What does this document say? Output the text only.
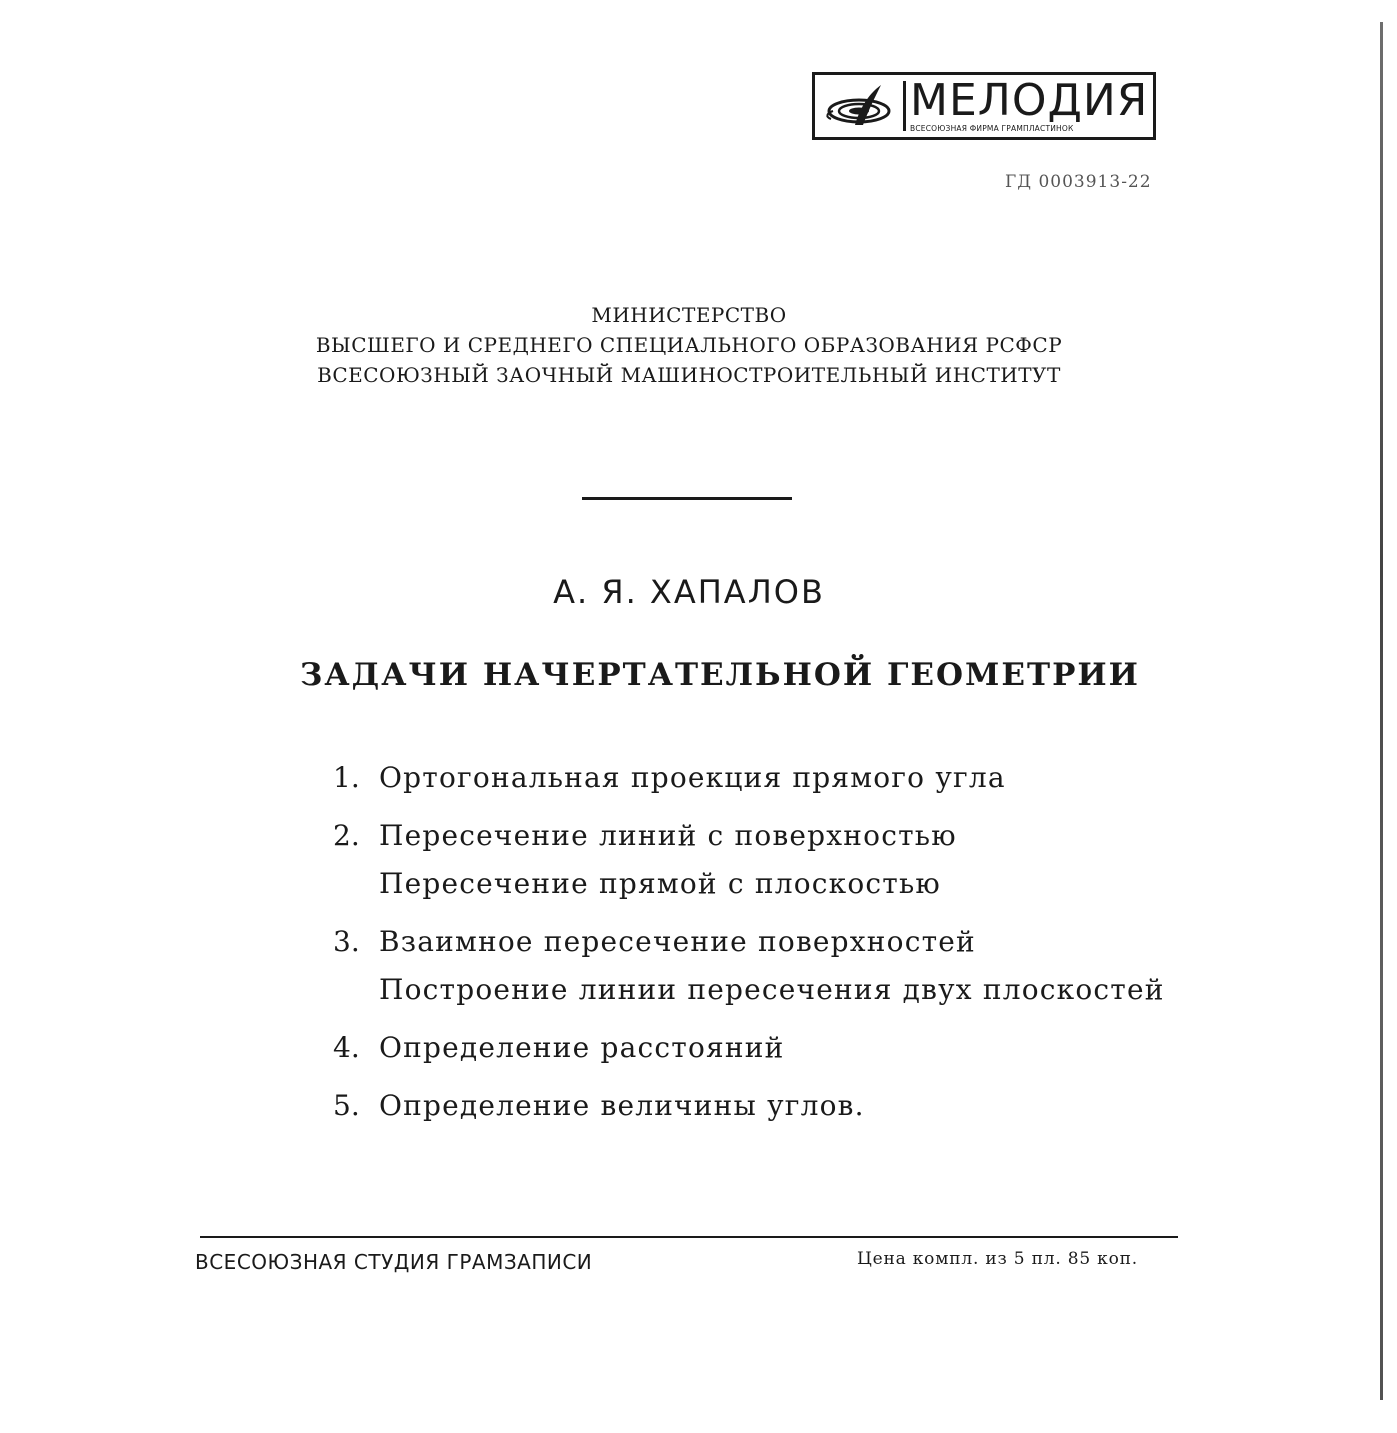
МЕЛОДИЯ
ВСЕСОЮЗНАЯ ФИРМА ГРАМПЛАСТИНОК
ГД 0003913-22
МИНИСТЕРСТВО
ВЫСШЕГО И СРЕДНЕГО СПЕЦИАЛЬНОГО ОБРАЗОВАНИЯ РСФСР
ВСЕСОЮЗНЫЙ ЗАОЧНЫЙ МАШИНОСТРОИТЕЛЬНЫЙ ИНСТИТУТ
А. Я. ХАПАЛОВ
ЗАДАЧИ НАЧЕРТАТЕЛЬНОЙ ГЕОМЕТРИИ
1. Ортогональная проекция прямого угла
2. Пересечение линий с поверхностью
Пересечение прямой с плоскостью
3. Взаимное пересечение поверхностей
Построение линии пересечения двух плоскостей
4. Определение расстояний
5. Определение величины углов.
ВСЕСОЮЗНАЯ СТУДИЯ ГРАМЗАПИСИ	Цена компл. из 5 пл. 85 коп.
